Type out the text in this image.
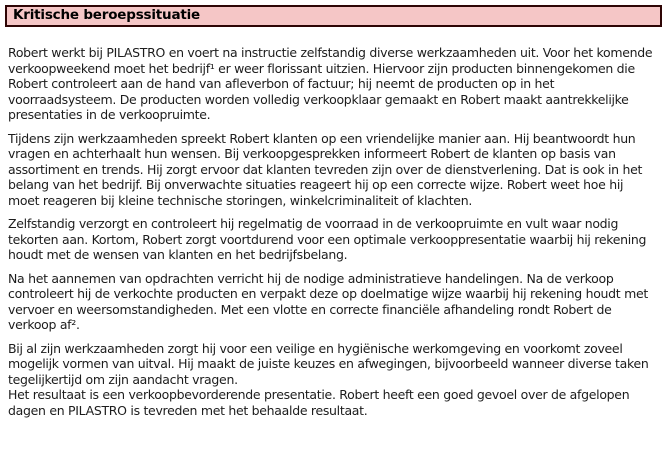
Kritische beroepssituatie

Robert werkt bij PILASTRO en voert na instructie zelfstandig diverse werkzaamheden uit. Voor het komende verkoopweekend moet het bedrijf¹ er weer florissant uitzien. Hiervoor zijn producten binnengekomen die Robert controleert aan de hand van afleverbon of factuur; hij neemt de producten op in het voorraadsysteem. De producten worden volledig verkoopklaar gemaakt en Robert maakt aantrekkelijke presentaties in de verkoopruimte.

Tijdens zijn werkzaamheden spreekt Robert klanten op een vriendelijke manier aan. Hij beantwoordt hun vragen en achterhaalt hun wensen. Bij verkoopgesprekken informeert Robert de klanten op basis van assortiment en trends. Hij zorgt ervoor dat klanten tevreden zijn over de dienstverlening. Dat is ook in het belang van het bedrijf. Bij onverwachte situaties reageert hij op een correcte wijze. Robert weet hoe hij moet reageren bij kleine technische storingen, winkelcriminaliteit of klachten.

Zelfstandig verzorgt en controleert hij regelmatig de voorraad in de verkoopruimte en vult waar nodig tekorten aan. Kortom, Robert zorgt voortdurend voor een optimale verkooppresentatie waarbij hij rekening houdt met de wensen van klanten en het bedrijfsbelang.

Na het aannemen van opdrachten verricht hij de nodige administratieve handelingen. Na de verkoop controleert hij de verkochte producten en verpakt deze op doelmatige wijze waarbij hij rekening houdt met vervoer en weersomstandigheden. Met een vlotte en correcte financiële afhandeling rondt Robert de verkoop af².

Bij al zijn werkzaamheden zorgt hij voor een veilige en hygiënische werkomgeving en voorkomt zoveel mogelijk vormen van uitval. Hij maakt de juiste keuzes en afwegingen, bijvoorbeeld wanneer diverse taken tegelijkertijd om zijn aandacht vragen.

Het resultaat is een verkoopbevorderende presentatie. Robert heeft een goed gevoel over de afgelopen dagen en PILASTRO is tevreden met het behaalde resultaat.
